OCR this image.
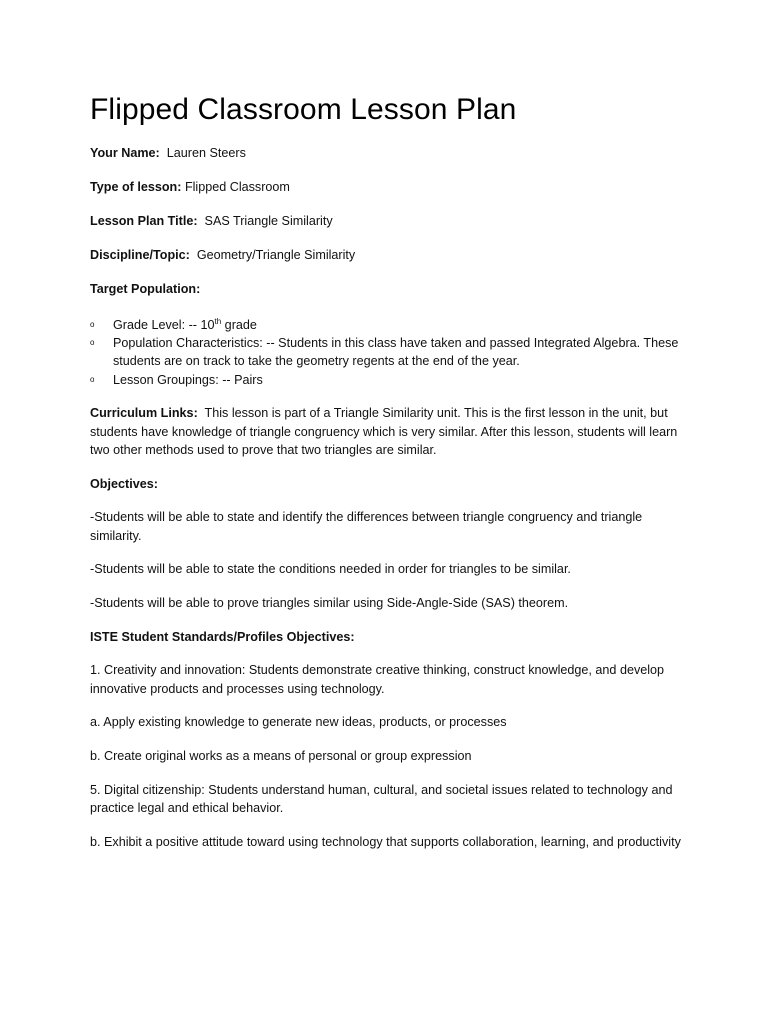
Flipped Classroom Lesson Plan

Your Name: Lauren Steers

Type of lesson: Flipped Classroom

Lesson Plan Title: SAS Triangle Similarity

Discipline/Topic: Geometry/Triangle Similarity

Target Population:

o Grade Level: -- 10th grade
o Population Characteristics: -- Students in this class have taken and passed Integrated Algebra. These students are on track to take the geometry regents at the end of the year.
o Lesson Groupings: -- Pairs

Curriculum Links: This lesson is part of a Triangle Similarity unit. This is the first lesson in the unit, but students have knowledge of triangle congruency which is very similar. After this lesson, students will learn two other methods used to prove that two triangles are similar.

Objectives:

-Students will be able to state and identify the differences between triangle congruency and triangle similarity.

-Students will be able to state the conditions needed in order for triangles to be similar.

-Students will be able to prove triangles similar using Side-Angle-Side (SAS) theorem.

ISTE Student Standards/Profiles Objectives:

1. Creativity and innovation: Students demonstrate creative thinking, construct knowledge, and develop innovative products and processes using technology.

a. Apply existing knowledge to generate new ideas, products, or processes

b. Create original works as a means of personal or group expression

5. Digital citizenship: Students understand human, cultural, and societal issues related to technology and practice legal and ethical behavior.

b. Exhibit a positive attitude toward using technology that supports collaboration, learning, and productivity
